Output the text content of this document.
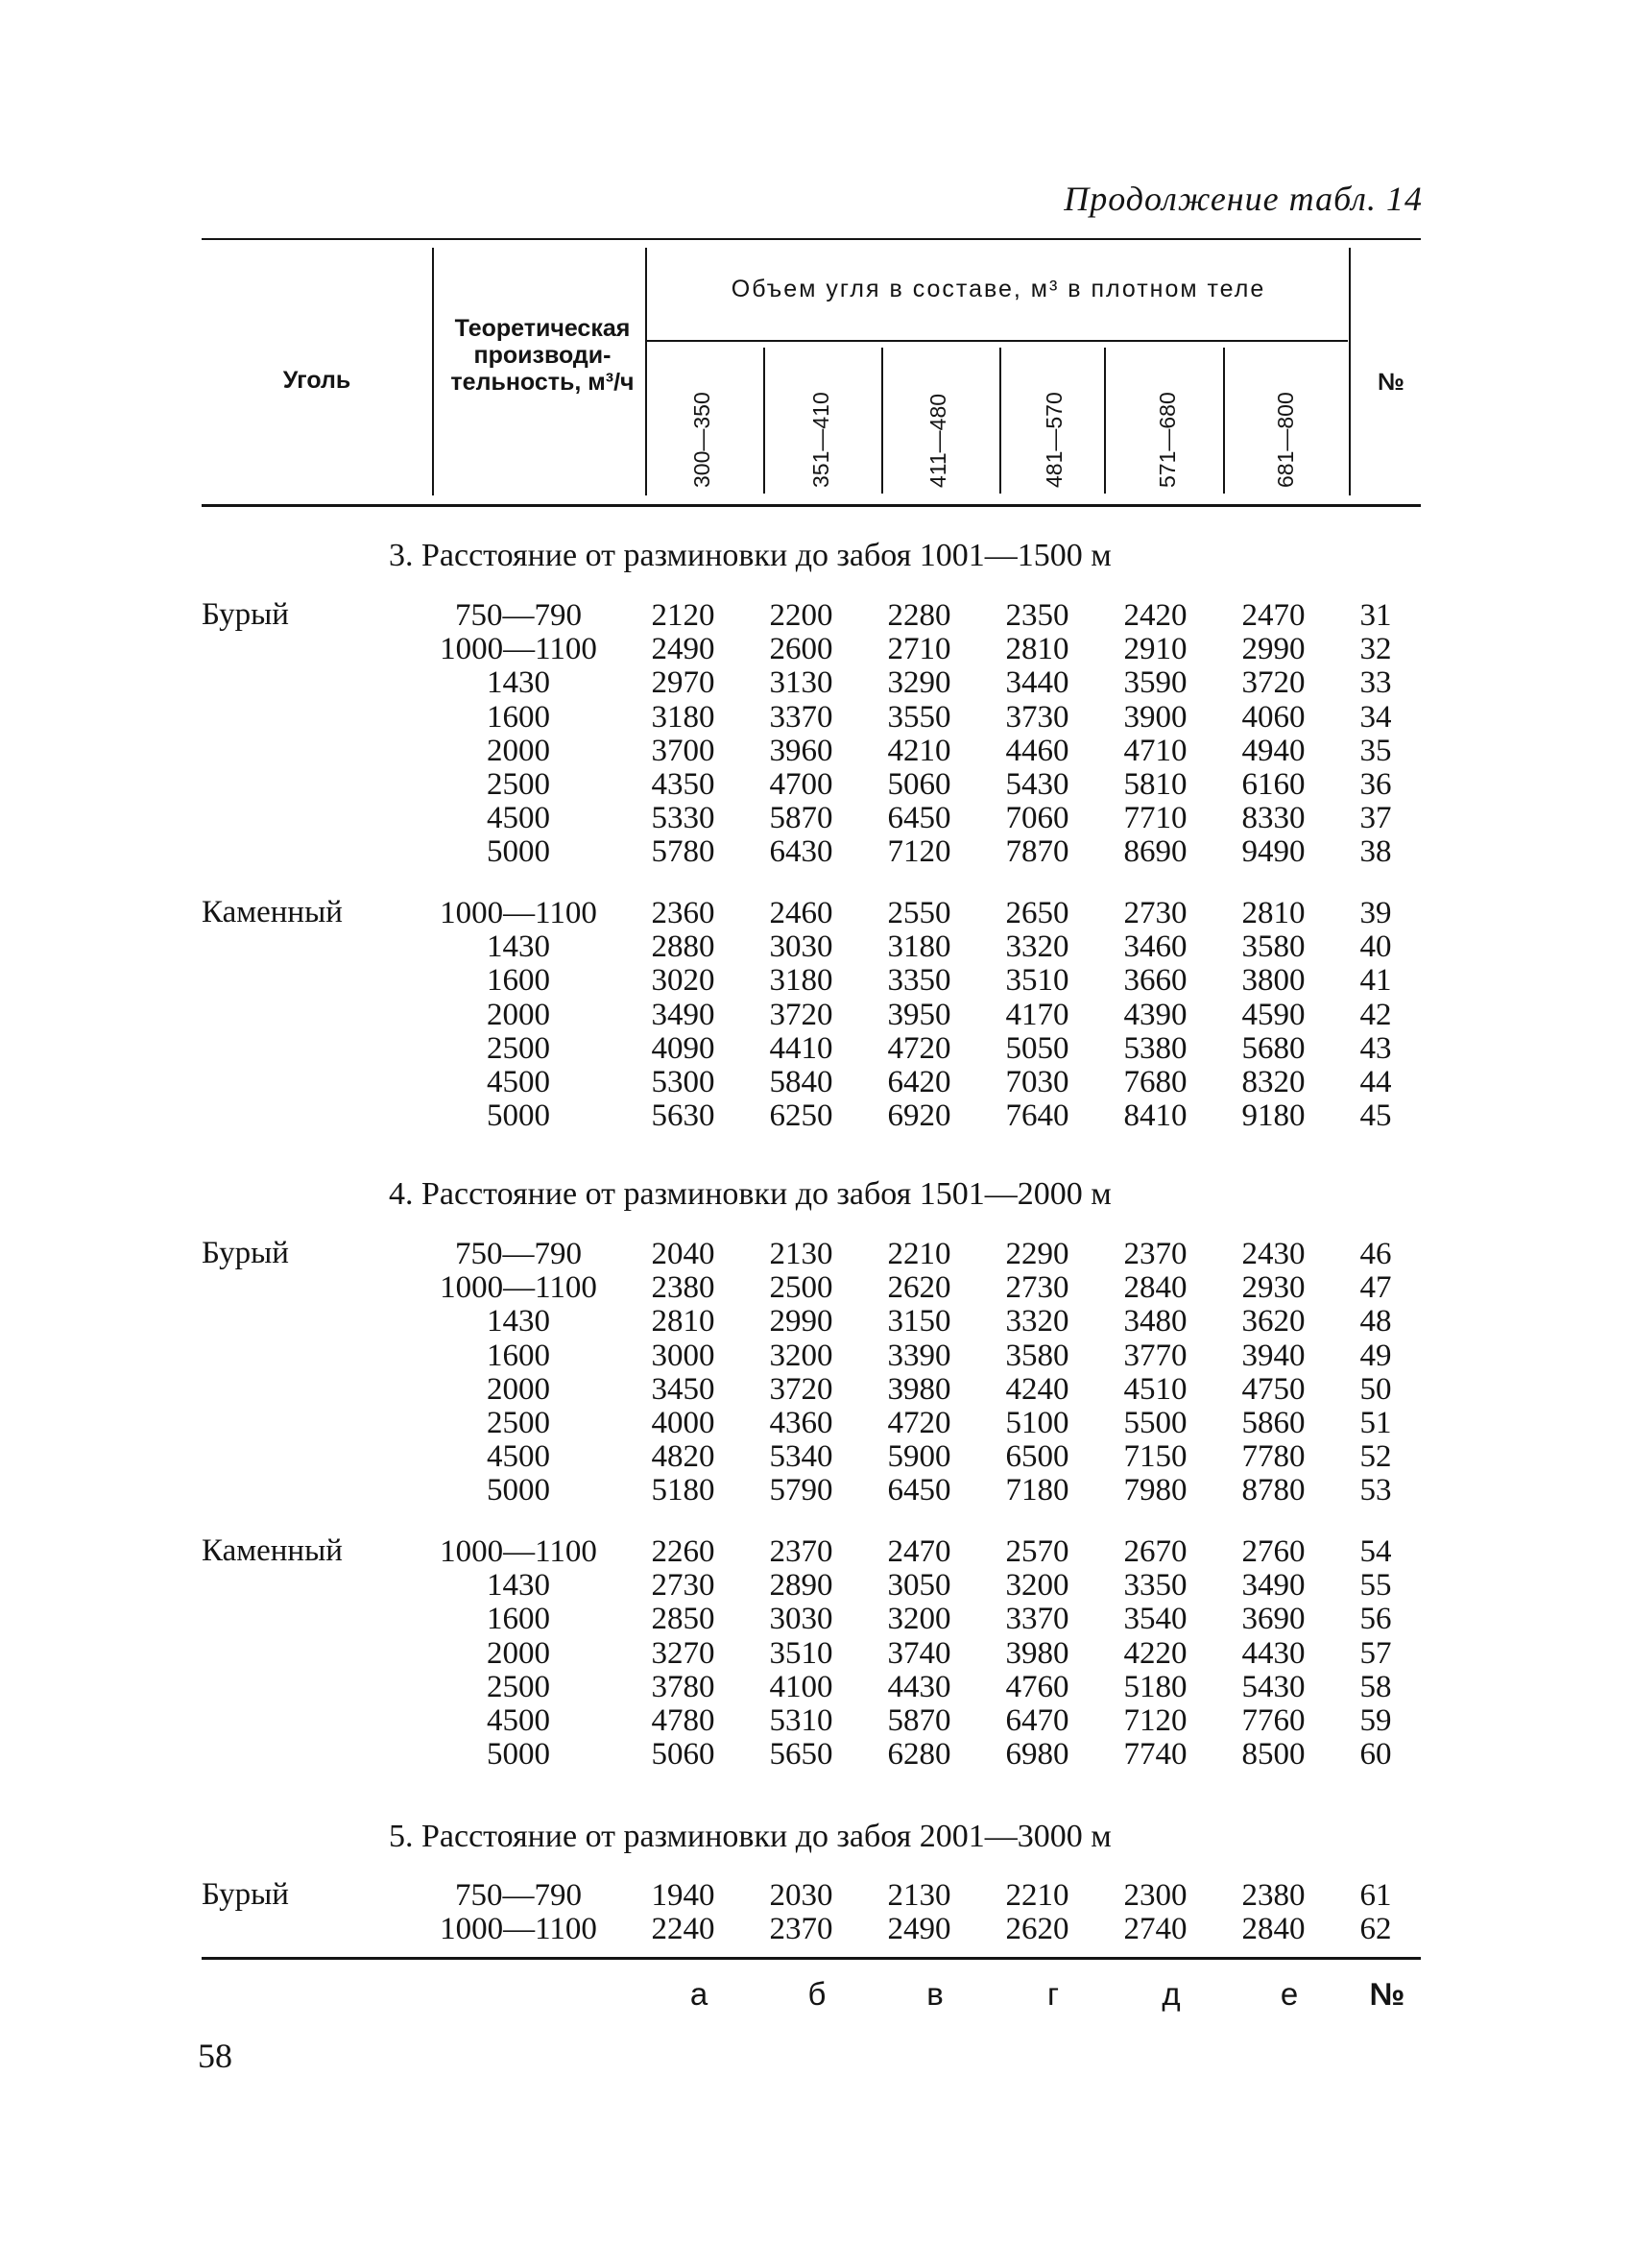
Продолжение табл. 14
Уголь
Теоретическая производи-тельность, м³/ч
Объем угля в составе, м³ в плотном теле
№
300—350	351—410	411—480	481—570	571—680	681—800
3. Расстояние от разминовки до забоя 1001—1500 м
Бурый	750—790	2120	2200	2280	2350	2420	2470	31
1000—1100	2490	2600	2710	2810	2910	2990	32
1430	2970	3130	3290	3440	3590	3720	33
1600	3180	3370	3550	3730	3900	4060	34
2000	3700	3960	4210	4460	4710	4940	35
2500	4350	4700	5060	5430	5810	6160	36
4500	5330	5870	6450	7060	7710	8330	37
5000	5780	6430	7120	7870	8690	9490	38
Каменный	1000—1100	2360	2460	2550	2650	2730	2810	39
1430	2880	3030	3180	3320	3460	3580	40
1600	3020	3180	3350	3510	3660	3800	41
2000	3490	3720	3950	4170	4390	4590	42
2500	4090	4410	4720	5050	5380	5680	43
4500	5300	5840	6420	7030	7680	8320	44
5000	5630	6250	6920	7640	8410	9180	45
4. Расстояние от разминовки до забоя 1501—2000 м
Бурый	750—790	2040	2130	2210	2290	2370	2430	46
1000—1100	2380	2500	2620	2730	2840	2930	47
1430	2810	2990	3150	3320	3480	3620	48
1600	3000	3200	3390	3580	3770	3940	49
2000	3450	3720	3980	4240	4510	4750	50
2500	4000	4360	4720	5100	5500	5860	51
4500	4820	5340	5900	6500	7150	7780	52
5000	5180	5790	6450	7180	7980	8780	53
Каменный	1000—1100	2260	2370	2470	2570	2670	2760	54
1430	2730	2890	3050	3200	3350	3490	55
1600	2850	3030	3200	3370	3540	3690	56
2000	3270	3510	3740	3980	4220	4430	57
2500	3780	4100	4430	4760	5180	5430	58
4500	4780	5310	5870	6470	7120	7760	59
5000	5060	5650	6280	6980	7740	8500	60
5. Расстояние от разминовки до забоя 2001—3000 м
Бурый	750—790	1940	2030	2130	2210	2300	2380	61
1000—1100	2240	2370	2490	2620	2740	2840	62
а	б	в	г	д	е	№
58
